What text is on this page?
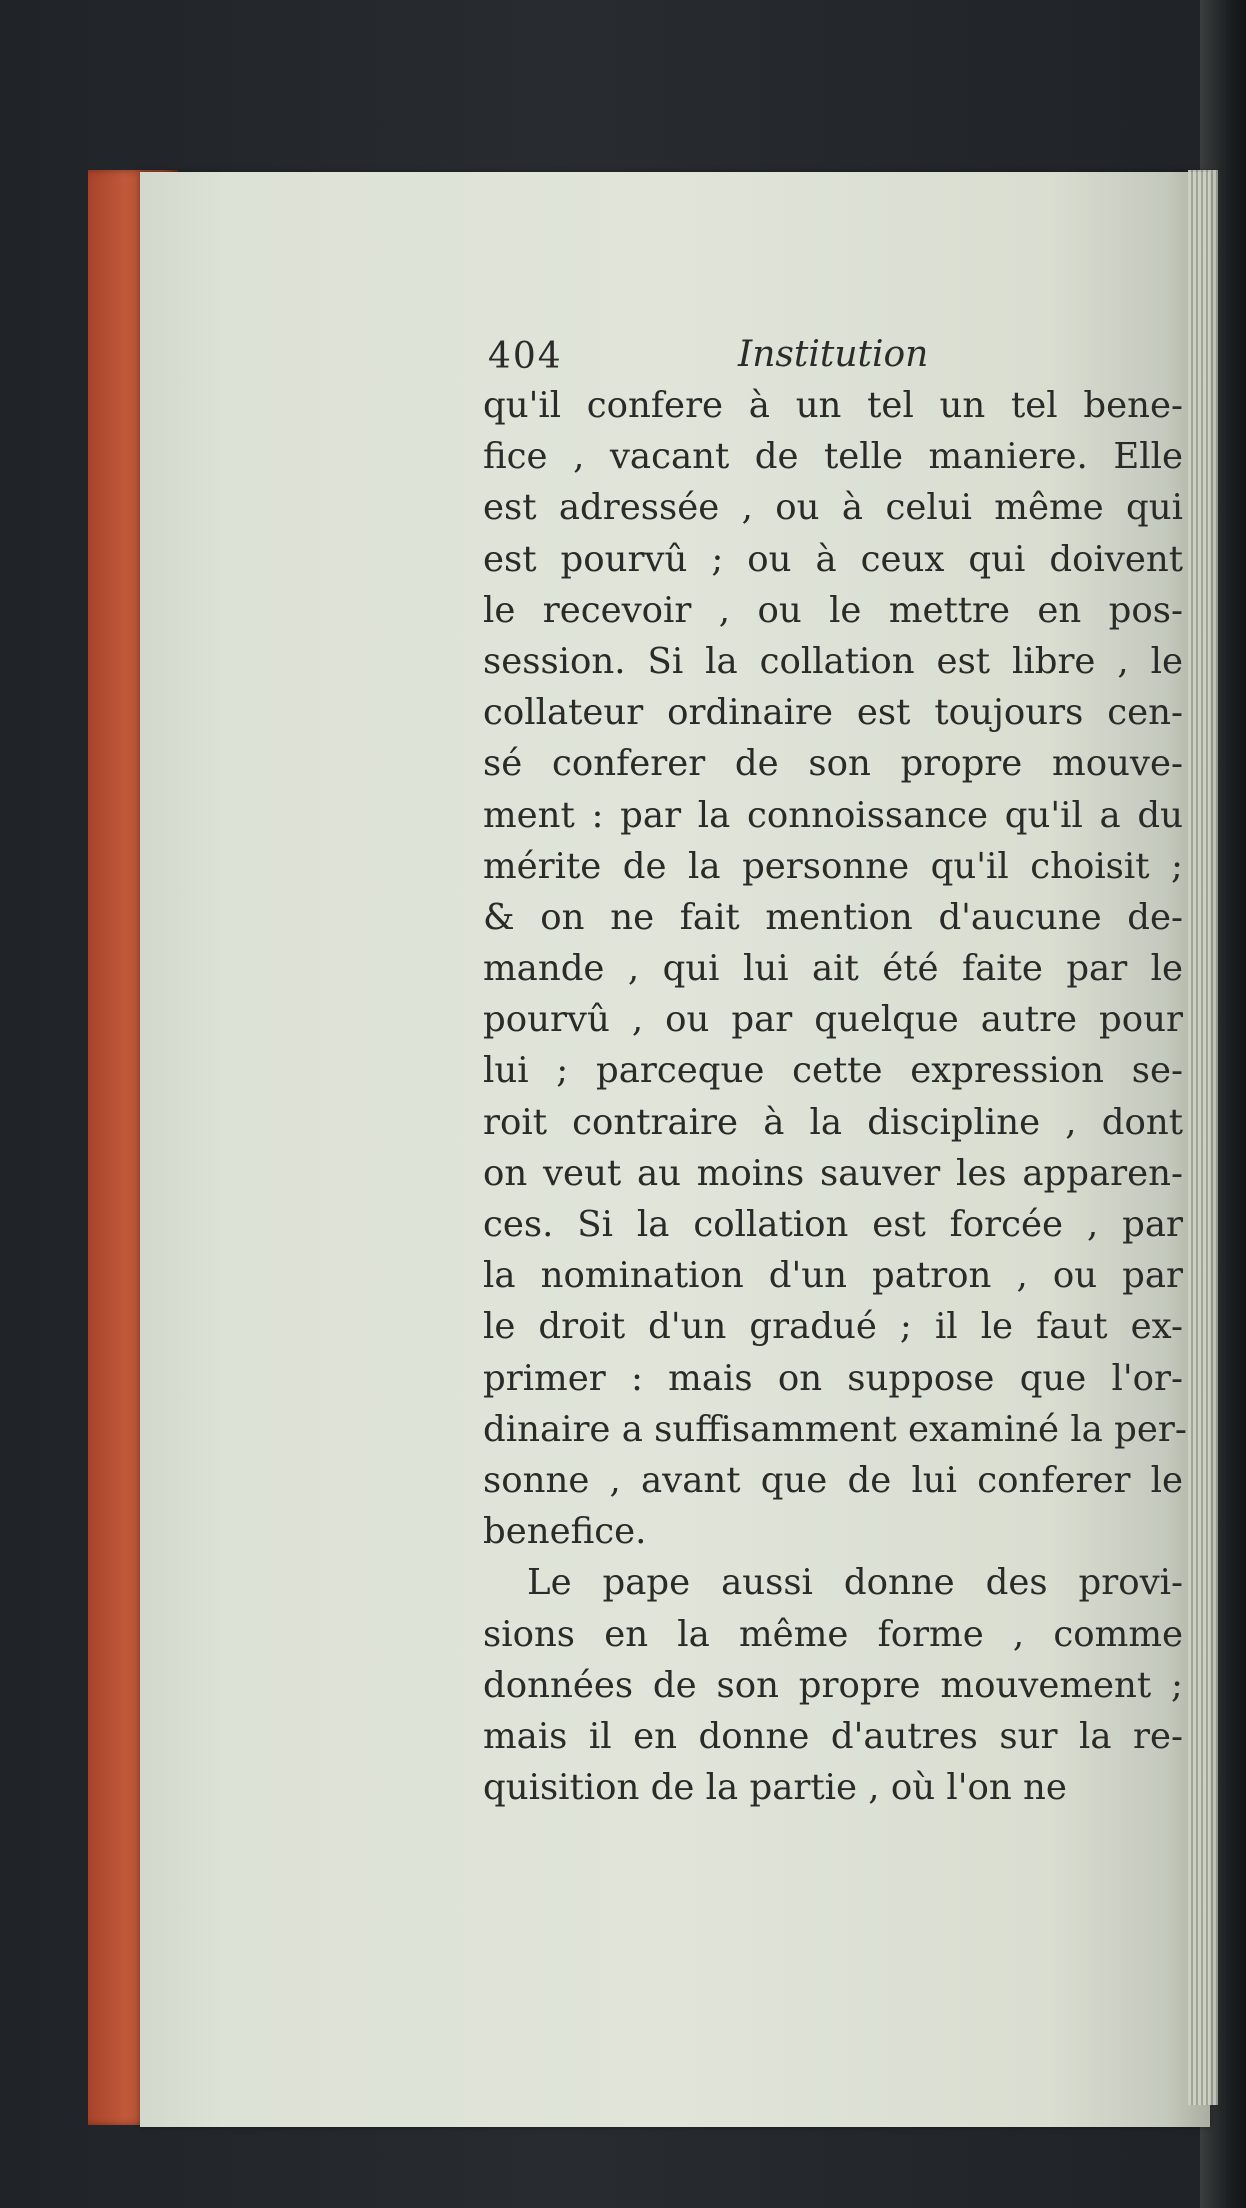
404	Institution
qu'il confere à un tel un tel bene-
fice , vacant de telle maniere. Elle
est adressée , ou à celui même qui
est pourvû ; ou à ceux qui doivent
le recevoir , ou le mettre en pos-
session. Si la collation est libre , le
collateur ordinaire est toujours cen-
sé conferer de son propre mouve-
ment : par la connoissance qu'il a du
mérite de la personne qu'il choisit ;
& on ne fait mention d'aucune de-
mande , qui lui ait été faite par le
pourvû , ou par quelque autre pour
lui ; parceque cette expression se-
roit contraire à la discipline , dont
on veut au moins sauver les apparen-
ces. Si la collation est forcée , par
la nomination d'un patron , ou par
le droit d'un gradué ; il le faut ex-
primer : mais on suppose que l'or-
dinaire a suffisamment examiné la per-
sonne , avant que de lui conferer le
benefice.
Le pape aussi donne des provi-
sions en la même forme , comme
données de son propre mouvement ;
mais il en donne d'autres sur la re-
quisition de la partie , où l'on ne
